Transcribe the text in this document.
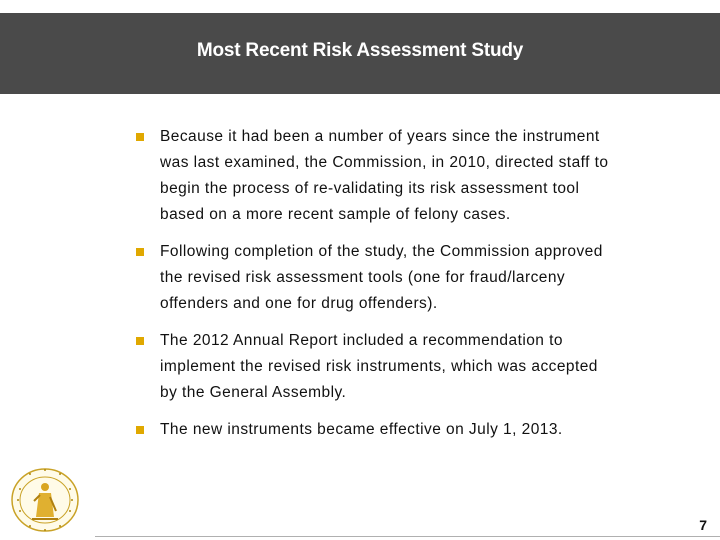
Most Recent Risk Assessment Study
Because it had been a number of years since the instrument was last examined, the Commission, in 2010, directed staff to begin the process of re-validating its risk assessment tool based on a more recent sample of felony cases.
Following completion of the study, the Commission approved the revised risk assessment tools (one for fraud/larceny offenders and one for drug offenders).
The 2012 Annual Report included a recommendation to implement the revised risk instruments, which was accepted by the General Assembly.
The new instruments became effective on July 1, 2013.
7
